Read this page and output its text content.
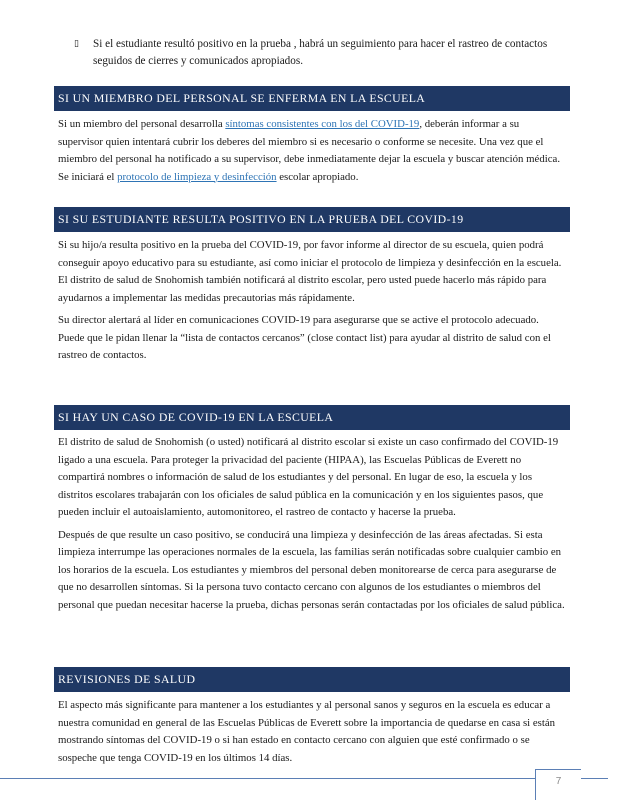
▯ Si el estudiante resultó positivo en la prueba , habrá un seguimiento para hacer el rastreo de contactos seguidos de cierres y comunicados apropiados.
SI UN MIEMBRO DEL PERSONAL SE ENFERMA EN LA ESCUELA

Si un miembro del personal desarrolla síntomas consistentes con los del COVID-19, deberán informar a su supervisor quien intentará cubrir los deberes del miembro si es necesario o conforme se necesite. Una vez que el miembro del personal ha notificado a su supervisor, debe inmediatamente dejar la escuela y buscar atención médica. Se iniciará el protocolo de limpieza y desinfección escolar apropiado.

SI SU ESTUDIANTE RESULTA POSITIVO EN LA PRUEBA DEL COVID-19

Si su hijo/a resulta positivo en la prueba del COVID-19, por favor informe al director de su escuela, quien podrá conseguir apoyo educativo para su estudiante, así como iniciar el protocolo de limpieza y desinfección en la escuela. El distrito de salud de Snohomish también notificará al distrito escolar, pero usted puede hacerlo más rápido para ayudarnos a implementar las medidas precautorias más rápidamente.

Su director alertará al líder en comunicaciones COVID-19 para asegurarse que se active el protocolo adecuado. Puede que le pidan llenar la “lista de contactos cercanos” (close contact list) para ayudar al distrito de salud con el rastreo de contactos.

SI HAY UN CASO DE COVID-19 EN LA ESCUELA

El distrito de salud de Snohomish (o usted) notificará al distrito escolar si existe un caso confirmado del COVID-19 ligado a una escuela. Para proteger la privacidad del paciente (HIPAA), las Escuelas Públicas de Everett no compartirá nombres o información de salud de los estudiantes y del personal. En lugar de eso, la escuela y los distritos escolares trabajarán con los oficiales de salud pública en la comunicación y en los siguientes pasos, que pueden incluir el autoaislamiento, automonitoreo, el rastreo de contacto y hacerse la prueba.

Después de que resulte un caso positivo, se conducirá una limpieza y desinfección de las áreas afectadas. Si esta limpieza interrumpe las operaciones normales de la escuela, las familias serán notificadas sobre cualquier cambio en los horarios de la escuela. Los estudiantes y miembros del personal deben monitorearse de cerca para asegurarse de que no desarrollen síntomas. Si la persona tuvo contacto cercano con algunos de los estudiantes o miembros del personal que puedan necesitar hacerse la prueba, dichas personas serán contactadas por los oficiales de salud pública.

REVISIONES DE SALUD

El aspecto más significante para mantener a los estudiantes y al personal sanos y seguros en la escuela es educar a nuestra comunidad en general de las Escuelas Públicas de Everett sobre la importancia de quedarse en casa si están mostrando síntomas del COVID-19 o si han estado en contacto cercano con alguien que esté confirmado o se sospeche que tenga COVID-19 en los últimos 14 días.

7
